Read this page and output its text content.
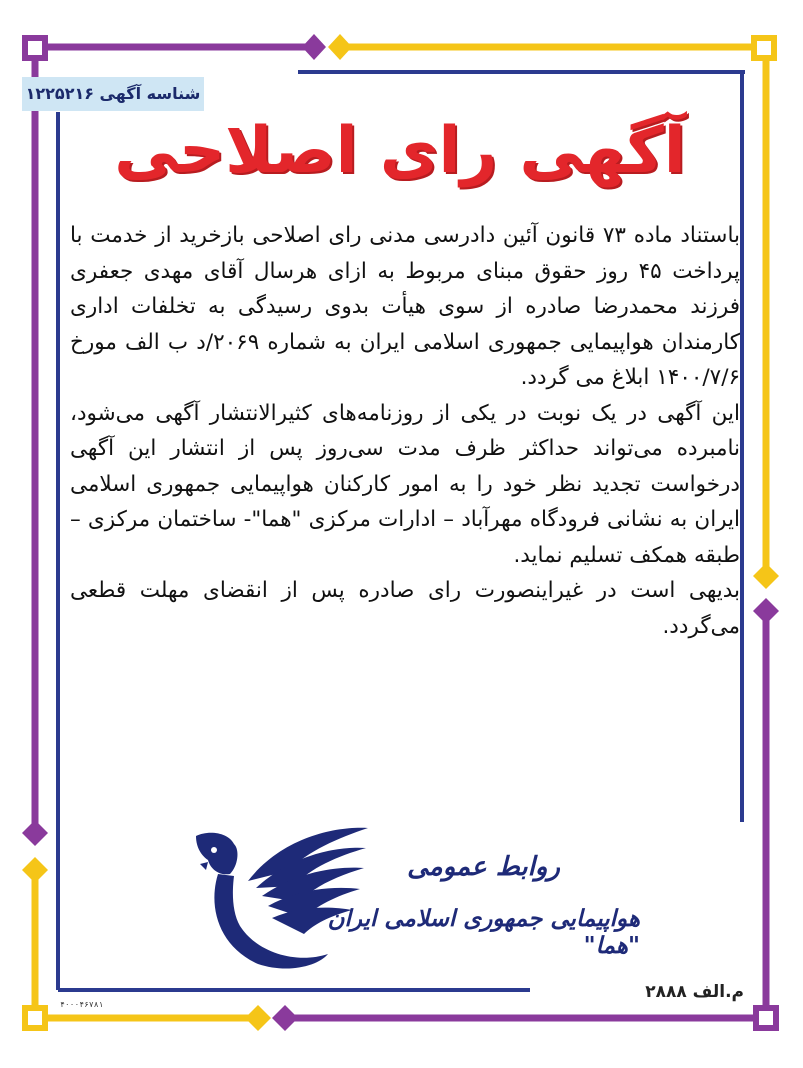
شناسه آگهی ۱۲۲۵۲۱۶
آگهی رای اصلاحی

باستناد ماده ۷۳ قانون آئین دادرسی مدنی رای اصلاحی بازخرید از خدمت با پرداخت ۴۵ روز حقوق مبنای مربوط به ازای هرسال آقای مهدی جعفری فرزند محمدرضا صادره از سوی هیأت بدوی رسیدگی به تخلفات اداری کارمندان هواپیمایی جمهوری اسلامی ایران به شماره ۲۰۶۹/د ب الف مورخ ۱۴۰۰/۷/۶ ابلاغ می گردد.

این آگهی در یک نوبت در یکی از روزنامه‌های کثیرالانتشار آگهی می‌شود، نامبرده می‌تواند حداکثر ظرف مدت سی‌روز پس از انتشار این آگهی درخواست تجدید نظر خود را به امور کارکنان هواپیمایی جمهوری اسلامی ایران به نشانی فرودگاه مهرآباد – ادارات مرکزی "هما"- ساختمان مرکزی – طبقه همکف تسلیم نماید.

بدیهی است در غیراینصورت رای صادره پس از انقضای مهلت قطعی می‌گردد.

روابط عمومی
هواپیمایی جمهوری اسلامی ایران "هما"
م.الف ۲۸۸۸
۴۰۰۰۴۶۷۸۱
